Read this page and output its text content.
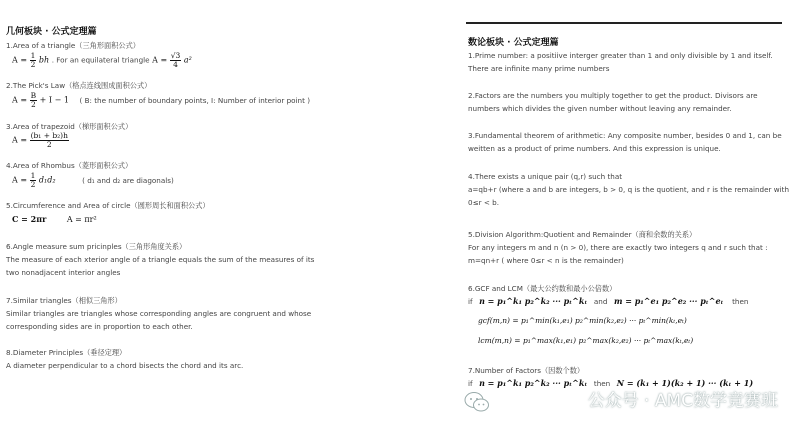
几何板块 · 公式定理篇
1.Area of a triangle（三角形面积公式）
$A = \frac{1}{2}$ bh . For an equilateral triangle $A = \frac{√3}{4} a^2$
2.The Pick's Law（格点连线围成面积公式）
$A = \frac{B}{2} + I - 1$ ( B: the number of boundary points, I: Number of interior point )
3.Area of trapezoid（梯形面积公式）
$A = \frac{\text{(b₁ + b₂)h}}{2}$
4.Area of Rhombus（菱形面积公式）
$A = \frac{1}{2} d_1d_2$	( d₁ and d₂ are diagonals)
5.Circumference and Area of circle（圆形周长和面积公式）
C = 2πr	A = πr²
6.Angle measure sum pricinples（三角形角度关系）
The measure of each xterior angle of a triangle equals the sum of the measures of its
two nonadjacent interior angles
7.Similar triangles（相似三角形）
Similar triangles are triangles whose corresponding angles are congruent and whose
corresponding sides are in proportion to each other.
8.Diameter Principles（垂径定理）
A diameter perpendicular to a chord bisects the chord and its arc.
数论板块 · 公式定理篇
1.Prime number: a positiive interger greater than 1 and only divisible by 1 and itself.
There are infinite many prime numbers
2.Factors are the numbers you multiply together to get the product. Divisors are
numbers which divides the given number without leaving any remainder.
3.Fundamental theorem of arithmetic: Any composite number, besides 0 and 1, can be
weitten as a product of prime numbers. And this expression is unique.
4.There exists a unique pair (q,r) such that
a=qb+r (where a and b are integers, b > 0, q is the quotient, and r is the remainder with
0≤r < b.
5.Division Algorithm:Quotient and Remainder（商和余数的关系）
For any integers m and n (n > 0), there are exactly two integers q and r such that :
m=qn+r ( where 0≤r < n is the remainder)
6.GCF and LCM（最大公约数和最小公倍数）
if n = p₁^k₁ p₂^k₂ ··· pₜ^kₜ and m = p₁^e₁ p₂^e₂ ··· pₜ^eₜ then
gcf(m,n) = p₁^min(k₁,e₁) p₂^min(k₂,e₂) ··· pₜ^min(kₜ,eₜ)
lcm(m,n) = p₁^max(k₁,e₁) p₂^max(k₂,e₂) ··· pₜ^max(kₜ,eₜ)
7.Number of Factors（因数个数）
if n = p₁^k₁ p₂^k₂ ··· pₜ^kₜ then N = (k₁ + 1)(k₂ + 1) ··· (kₜ + 1)
公众号 · AMC数学竞赛班
